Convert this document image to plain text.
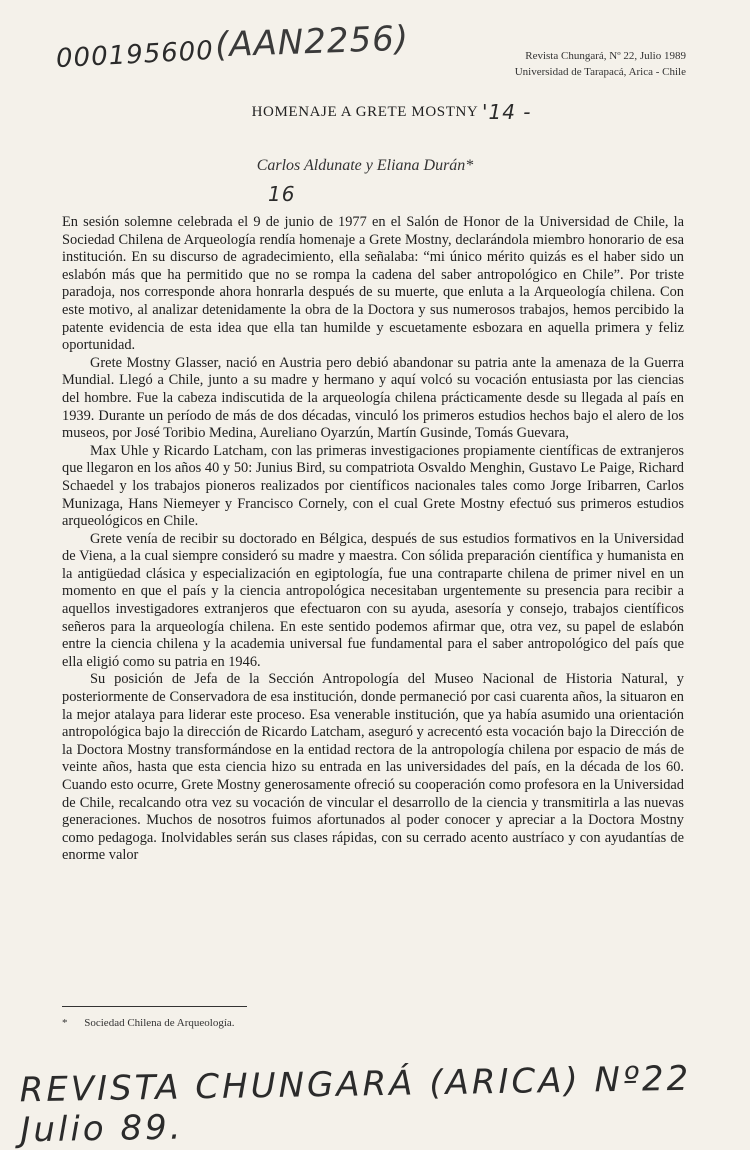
000195600 (AAN2256)	Revista Chungará, Nº 22, Julio 1989
Universidad de Tarapacá, Arica - Chile
HOMENAJE A GRETE MOSTNY '14 -
Carlos Aldunate y Eliana Durán*
16

En sesión solemne celebrada el 9 de junio de 1977 en el Salón de Honor de la Universidad de Chile, la Sociedad Chilena de Arqueología rendía homenaje a Grete Mostny, declarándola miembro honorario de esa institución. En su discurso de agradecimiento, ella señalaba: “mi único mérito quizás es el haber sido un eslabón más que ha permitido que no se rompa la cadena del saber antropológico en Chile”. Por triste paradoja, nos corresponde ahora honrarla después de su muerte, que enluta a la Arqueología chilena. Con este motivo, al analizar detenidamente la obra de la Doctora y sus numerosos trabajos, hemos percibido la patente evidencia de esta idea que ella tan humilde y escuetamente esbozara en aquella primera y feliz oportunidad.

Grete Mostny Glasser, nació en Austria pero debió abandonar su patria ante la amenaza de la Guerra Mundial. Llegó a Chile, junto a su madre y hermano y aquí volcó su vocación entusiasta por las ciencias del hombre. Fue la cabeza indiscutida de la arqueología chilena prácticamente desde su llegada al país en 1939. Durante un período de más de dos décadas, vinculó los primeros estudios hechos bajo el alero de los museos, por José Toribio Medina, Aureliano Oyarzún, Martín Gusinde, Tomás Guevara,

Max Uhle y Ricardo Latcham, con las primeras investigaciones propiamente científicas de extranjeros que llegaron en los años 40 y 50: Junius Bird, su compatriota Osvaldo Menghin, Gustavo Le Paige, Richard Schaedel y los trabajos pioneros realizados por científicos nacionales tales como Jorge Iribarren, Carlos Munizaga, Hans Niemeyer y Francisco Cornely, con el cual Grete Mostny efectuó sus primeros estudios arqueológicos en Chile.

Grete venía de recibir su doctorado en Bélgica, después de sus estudios formativos en la Universidad de Viena, a la cual siempre consideró su madre y maestra. Con sólida preparación científica y humanista en la antigüedad clásica y especialización en egiptología, fue una contraparte chilena de primer nivel en un momento en que el país y la ciencia antropológica necesitaban urgentemente su presencia para recibir a aquellos investigadores extranjeros que efectuaron con su ayuda, asesoría y consejo, trabajos científicos señeros para la arqueología chilena. En este sentido podemos afirmar que, otra vez, su papel de eslabón entre la ciencia chilena y la academia universal fue fundamental para el saber antropológico del país que ella eligió como su patria en 1946.

Su posición de Jefa de la Sección Antropología del Museo Nacional de Historia Natural, y posteriormente de Conservadora de esa institución, donde permaneció por casi cuarenta años, la situaron en la mejor atalaya para liderar este proceso. Esa venerable institución, que ya había asumido una orientación antropológica bajo la dirección de Ricardo Latcham, aseguró y acrecentó esta vocación bajo la Dirección de la Doctora Mostny transformándose en la entidad rectora de la antropología chilena por espacio de más de veinte años, hasta que esta ciencia hizo su entrada en las universidades del país, en la década de los 60. Cuando esto ocurre, Grete Mostny generosamente ofreció su cooperación como profesora en la Universidad de Chile, recalcando otra vez su vocación de vincular el desarrollo de la ciencia y transmitirla a las nuevas generaciones. Muchos de nosotros fuimos afortunados al poder conocer y apreciar a la Doctora Mostny como pedagoga. Inolvidables serán sus clases rápidas, con su cerrado acento austríaco y con ayudantías de enorme valor

* Sociedad Chilena de Arqueología.
REVISTA CHUNGARÁ (ARICA) Nº22 Julio 89.
